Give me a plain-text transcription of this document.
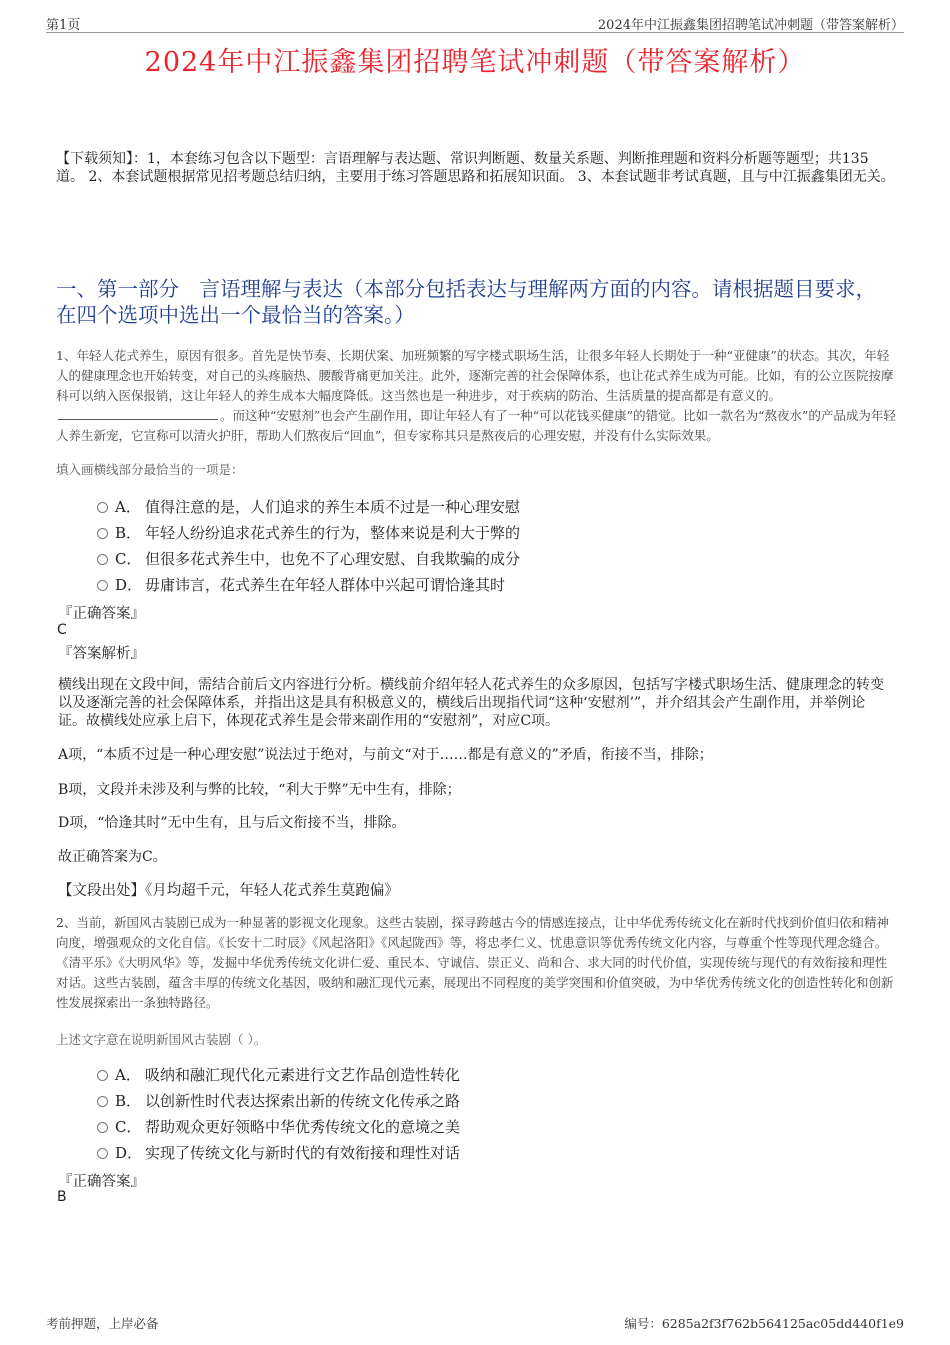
第1页	2024年中江振鑫集团招聘笔试冲刺题（带答案解析）
2024年中江振鑫集团招聘笔试冲刺题（带答案解析）
【下载须知】：1，本套练习包含以下题型：言语理解与表达题、常识判断题、数量关系题、判断推理题和资料分析题等题型；共135道。 2、本套试题根据常见招考题总结归纳，主要用于练习答题思路和拓展知识面。 3、本套试题非考试真题，且与中江振鑫集团无关。
一、第一部分　言语理解与表达（本部分包括表达与理解两方面的内容。请根据题目要求，在四个选项中选出一个最恰当的答案。）
1、年轻人花式养生，原因有很多。首先是快节奏、长期伏案、加班频繁的写字楼式职场生活，让很多年轻人长期处于一种“亚健康”的状态。其次，年轻人的健康理念也开始转变，对自己的头疼脑热、腰酸背痛更加关注。此外，逐渐完善的社会保障体系，也让花式养生成为可能。比如，有的公立医院按摩科可以纳入医保报销，这让年轻人的养生成本大幅度降低。这当然也是一种进步，对于疾病的防治、生活质量的提高都是有意义的。。而这种“安慰剂”也会产生副作用，即让年轻人有了一种“可以花钱买健康”的错觉。比如一款名为“熬夜水”的产品成为年轻人养生新宠，它宣称可以清火护肝，帮助人们熬夜后“回血”，但专家称其只是熬夜后的心理安慰，并没有什么实际效果。
填入画横线部分最恰当的一项是：
A． 值得注意的是，人们追求的养生本质不过是一种心理安慰
B． 年轻人纷纷追求花式养生的行为，整体来说是利大于弊的
C． 但很多花式养生中，也免不了心理安慰、自我欺骗的成分
D． 毋庸讳言，花式养生在年轻人群体中兴起可谓恰逢其时
『正确答案』
C
『答案解析』
横线出现在文段中间，需结合前后文内容进行分析。横线前介绍年轻人花式养生的众多原因，包括写字楼式职场生活、健康理念的转变以及逐渐完善的社会保障体系，并指出这是具有积极意义的，横线后出现指代词“这种‘安慰剂’”，并介绍其会产生副作用，并举例论证。故横线处应承上启下，体现花式养生是会带来副作用的“安慰剂”，对应C项。
A项，“本质不过是一种心理安慰”说法过于绝对，与前文“对于……都是有意义的”矛盾，衔接不当，排除；
B项，文段并未涉及利与弊的比较，“利大于弊”无中生有，排除；
D项，“恰逢其时”无中生有，且与后文衔接不当，排除。
故正确答案为C。
【文段出处】《月均超千元，年轻人花式养生莫跑偏》
2、当前，新国风古装剧已成为一种显著的影视文化现象。这些古装剧，探寻跨越古今的情感连接点，让中华优秀传统文化在新时代找到价值归依和精神向度，增强观众的文化自信。《长安十二时辰》《风起洛阳》《风起陇西》等，将忠孝仁义、忧患意识等优秀传统文化内容，与尊重个性等现代理念缝合。《清平乐》《大明风华》等，发掘中华优秀传统文化讲仁爱、重民本、守诚信、崇正义、尚和合、求大同的时代价值，实现传统与现代的有效衔接和理性对话。这些古装剧，蕴含丰厚的传统文化基因，吸纳和融汇现代元素，展现出不同程度的美学突围和价值突破，为中华优秀传统文化的创造性转化和创新性发展探索出一条独特路径。
上述文字意在说明新国风古装剧（ ）。
A． 吸纳和融汇现代化元素进行文艺作品创造性转化
B． 以创新性时代表达探索出新的传统文化传承之路
C． 帮助观众更好领略中华优秀传统文化的意境之美
D． 实现了传统文化与新时代的有效衔接和理性对话
『正确答案』
B
考前押题，上岸必备	编号：6285a2f3f762b564125ac05dd440f1e9
